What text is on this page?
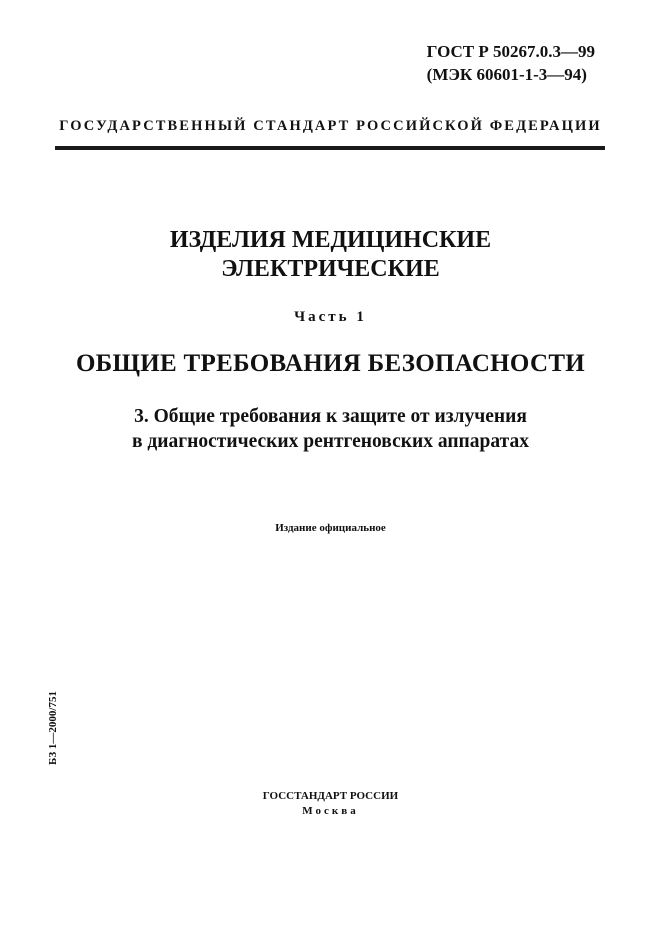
ГОСТ Р 50267.0.3—99
(МЭК 60601-1-3—94)
ГОСУДАРСТВЕННЫЙ СТАНДАРТ РОССИЙСКОЙ ФЕДЕРАЦИИ
ИЗДЕЛИЯ МЕДИЦИНСКИЕ
ЭЛЕКТРИЧЕСКИЕ
Часть 1
ОБЩИЕ ТРЕБОВАНИЯ БЕЗОПАСНОСТИ
3. Общие требования к защите от излучения
в диагностических рентгеновских аппаратах
Издание официальное
БЗ 1—2000/751
ГОССТАНДАРТ РОССИИ
Москва
